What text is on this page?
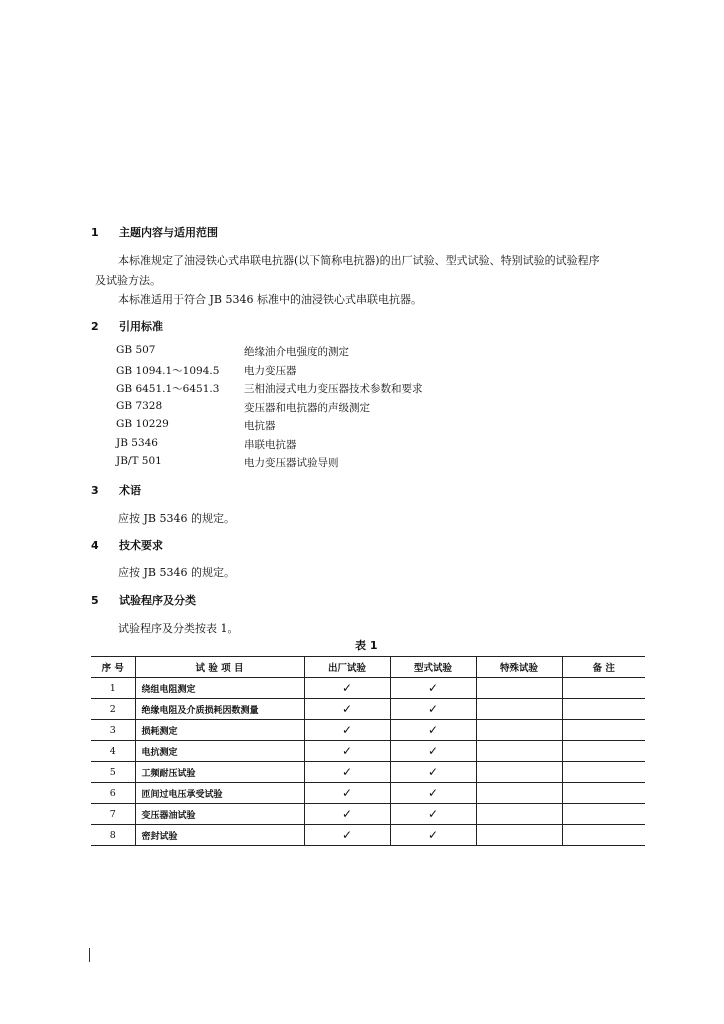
1 主题内容与适用范围
本标准规定了油浸铁心式串联电抗器(以下简称电抗器)的出厂试验、型式试验、特别试验的试验程序
及试验方法。
本标准适用于符合 JB 5346 标准中的油浸铁心式串联电抗器。
2 引用标准
GB 507	绝缘油介电强度的测定
GB 1094.1～1094.5	电力变压器
GB 6451.1～6451.3	三相油浸式电力变压器技术参数和要求
GB 7328	变压器和电抗器的声级测定
GB 10229	电抗器
JB 5346	串联电抗器
JB/T 501	电力变压器试验导则
3 术语
应按 JB 5346 的规定。
4 技术要求
应按 JB 5346 的规定。
5 试验程序及分类
试验程序及分类按表 1。
表 1
序 号	试 验 项 目	出厂试验	型式试验	特殊试验	备 注
1	绕组电阻测定	✓	✓		
2	绝缘电阻及介质损耗因数测量	✓	✓		
3	损耗测定	✓	✓		
4	电抗测定	✓	✓		
5	工频耐压试验	✓	✓		
6	匝间过电压承受试验	✓	✓		
7	变压器油试验	✓	✓		
8	密封试验	✓	✓		
